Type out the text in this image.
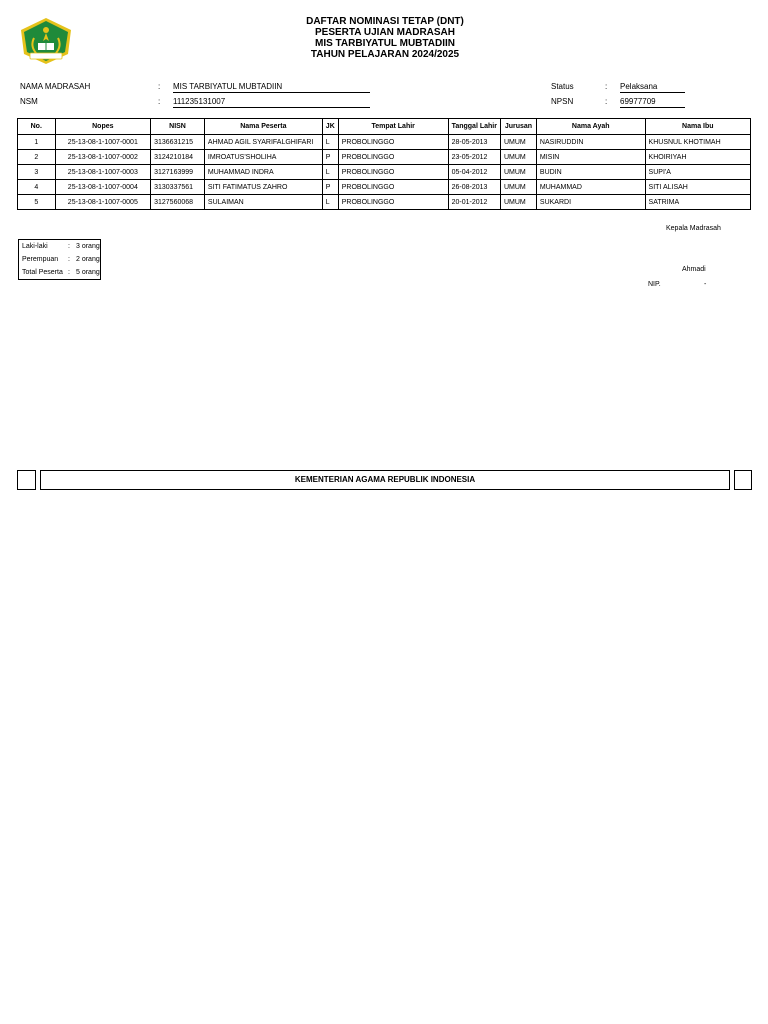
DAFTAR NOMINASI TETAP (DNT)
PESERTA UJIAN MADRASAH
MIS TARBIYATUL MUBTADIIN
TAHUN PELAJARAN 2024/2025
NAMA MADRASAH	: MIS TARBIYATUL MUBTADIIN
NSM	: 111235131007
Status	: Pelaksana
NPSN	: 69977709
No.	Nopes	NISN	Nama Peserta	JK	Tempat Lahir	Tanggal Lahir	Jurusan	Nama Ayah	Nama Ibu
1	25-13-08-1-1007-0001	3136631215	AHMAD AGIL SYARIFALGHIFARI	L	PROBOLINGGO	28-05-2013	UMUM	NASIRUDDIN	KHUSNUL KHOTIMAH
2	25-13-08-1-1007-0002	3124210184	IMROATUS'SHOLIHA	P	PROBOLINGGO	23-05-2012	UMUM	MISIN	KHOIRIYAH
3	25-13-08-1-1007-0003	3127163999	MUHAMMAD INDRA	L	PROBOLINGGO	05-04-2012	UMUM	BUDIN	SUPI'A
4	25-13-08-1-1007-0004	3130337561	SITI FATIMATUS ZAHRO	P	PROBOLINGGO	26-08-2013	UMUM	MUHAMMAD	SITI ALISAH
5	25-13-08-1-1007-0005	3127560068	SULAIMAN	L	PROBOLINGGO	20-01-2012	UMUM	SUKARDI	SATRIMA
Laki-laki	: 3 orang
Perempuan : 2 orang
Total Peserta : 5 orang
Kepala Madrasah
Ahmadi
NIP.	-
KEMENTERIAN AGAMA REPUBLIK INDONESIA
